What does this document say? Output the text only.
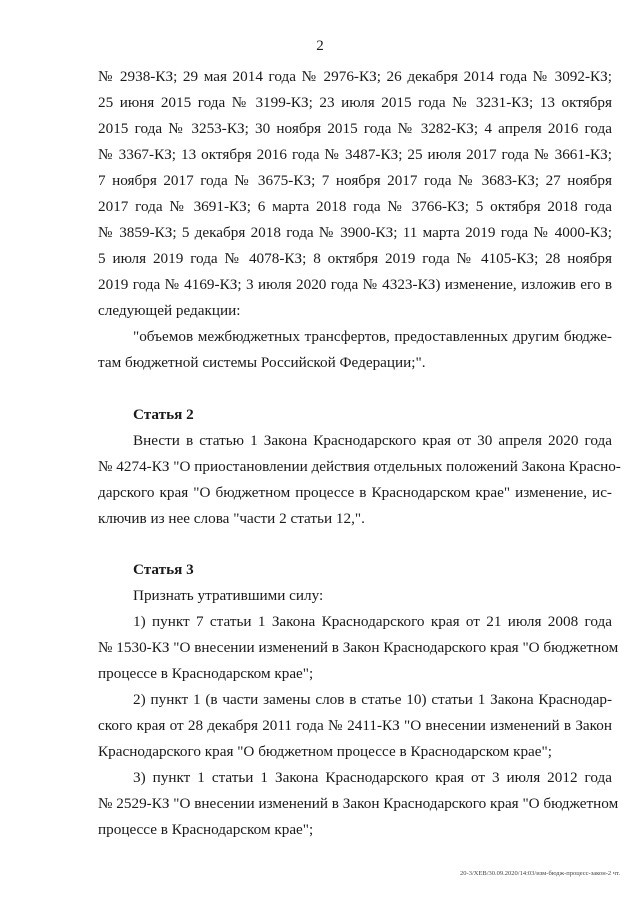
2
№ 2938-КЗ; 29 мая 2014 года № 2976-КЗ; 26 декабря 2014 года № 3092-КЗ;
25 июня 2015 года № 3199-КЗ; 23 июля 2015 года № 3231-КЗ; 13 октября
2015 года № 3253-КЗ; 30 ноября 2015 года № 3282-КЗ; 4 апреля 2016 года
№ 3367-КЗ; 13 октября 2016 года № 3487-КЗ; 25 июля 2017 года № 3661-КЗ;
7 ноября 2017 года № 3675-КЗ; 7 ноября 2017 года № 3683-КЗ; 27 ноября
2017 года № 3691-КЗ; 6 марта 2018 года № 3766-КЗ; 5 октября 2018 года
№ 3859-КЗ; 5 декабря 2018 года № 3900-КЗ; 11 марта 2019 года № 4000-КЗ;
5 июля 2019 года № 4078-КЗ; 8 октября 2019 года № 4105-КЗ; 28 ноября
2019 года № 4169-КЗ; 3 июля 2020 года № 4323-КЗ) изменение, изложив его в
следующей редакции:
"объемов межбюджетных трансфертов, предоставленных другим бюдже-
там бюджетной системы Российской Федерации;".
Статья 2
Внести в статью 1 Закона Краснодарского края от 30 апреля 2020 года
№ 4274-КЗ "О приостановлении действия отдельных положений Закона Красно-
дарского края "О бюджетном процессе в Краснодарском крае" изменение, ис-
ключив из нее слова "части 2 статьи 12,".
Статья 3
Признать утратившими силу:
1) пункт 7 статьи 1 Закона Краснодарского края от 21 июля 2008 года
№ 1530-КЗ "О внесении изменений в Закон Краснодарского края "О бюджетном
процессе в Краснодарском крае";
2) пункт 1 (в части замены слов в статье 10) статьи 1 Закона Краснодар-
ского края от 28 декабря 2011 года № 2411-КЗ "О внесении изменений в Закон
Краснодарского края "О бюджетном процессе в Краснодарском крае";
3) пункт 1 статьи 1 Закона Краснодарского края от 3 июля 2012 года
№ 2529-КЗ "О внесении изменений в Закон Краснодарского края "О бюджетном
процессе в Краснодарском крае";
20-3/XEB/30.09.2020/14:03/изм-бюдж-процесс-закон-2 чт.
